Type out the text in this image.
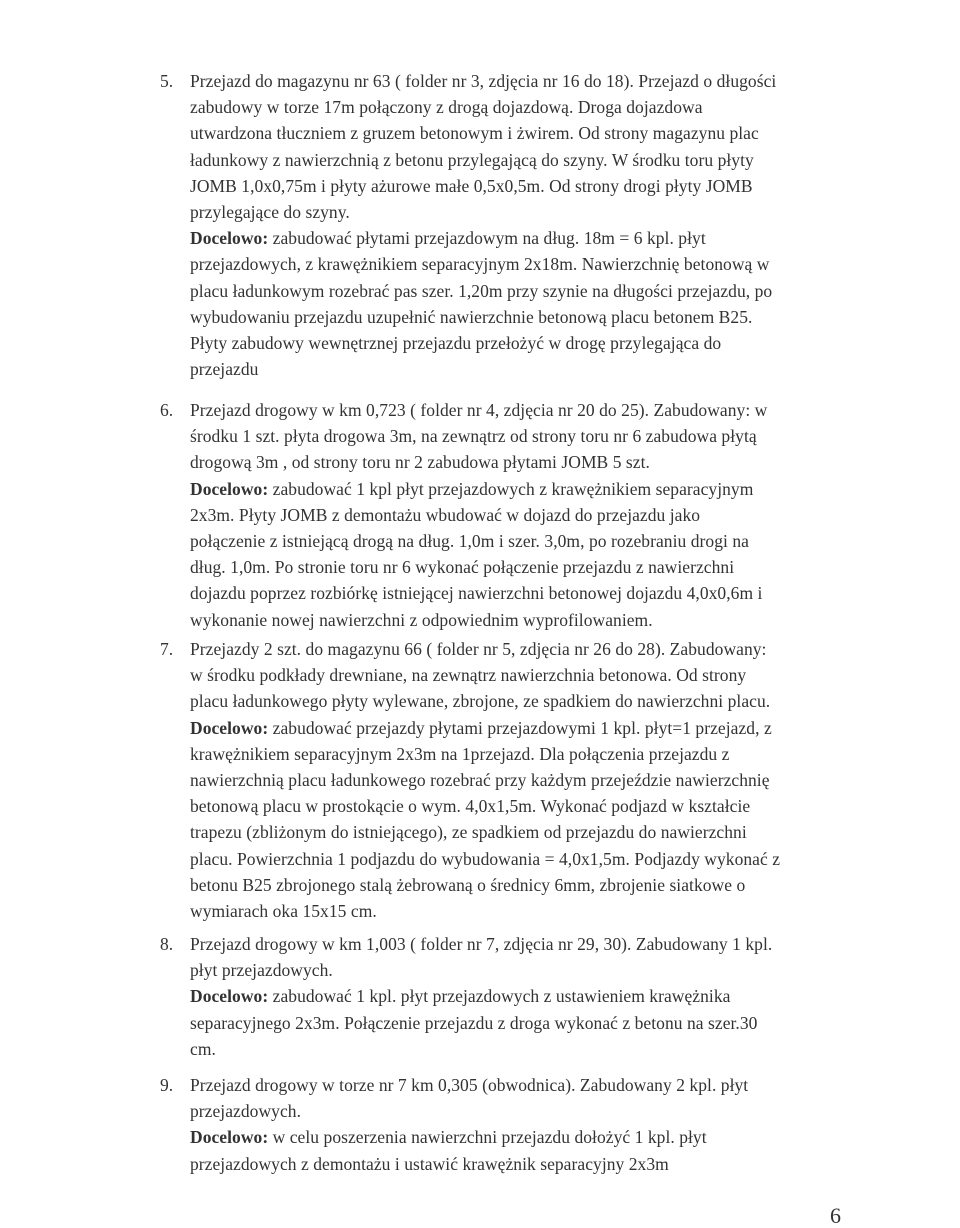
5. Przejazd do magazynu nr 63 ( folder nr 3, zdjęcia nr 16 do 18). Przejazd o długości
zabudowy w torze 17m połączony z drogą dojazdową. Droga dojazdowa
utwardzona tłuczniem z gruzem betonowym i żwirem. Od strony magazynu plac
ładunkowy z nawierzchnią z betonu przylegającą do szyny. W środku toru płyty
JOMB 1,0x0,75m i płyty ażurowe małe 0,5x0,5m. Od strony drogi płyty JOMB
przylegające do szyny.
Docelowo: zabudować płytami przejazdowym na dług. 18m = 6 kpl. płyt
przejazdowych, z krawężnikiem separacyjnym 2x18m. Nawierzchnię betonową w
placu ładunkowym rozebrać pas szer. 1,20m przy szynie na długości przejazdu, po
wybudowaniu przejazdu uzupełnić nawierzchnie betonową placu betonem B25.
Płyty zabudowy wewnętrznej przejazdu przełożyć w drogę przylegająca do
przejazdu
6. Przejazd drogowy w km 0,723 ( folder nr 4, zdjęcia nr 20 do 25). Zabudowany: w
środku 1 szt. płyta drogowa 3m, na zewnątrz od strony toru nr 6 zabudowa płytą
drogową 3m , od strony toru nr 2 zabudowa płytami JOMB 5 szt.
Docelowo: zabudować 1 kpl płyt przejazdowych z krawężnikiem separacyjnym
2x3m. Płyty JOMB z demontażu wbudować w dojazd do przejazdu jako
połączenie z istniejącą drogą na dług. 1,0m i szer. 3,0m, po rozebraniu drogi na
dług. 1,0m. Po stronie toru nr 6 wykonać połączenie przejazdu z nawierzchni
dojazdu poprzez rozbiórkę istniejącej nawierzchni betonowej dojazdu 4,0x0,6m i
wykonanie nowej nawierzchni z odpowiednim wyprofilowaniem.
7. Przejazdy 2 szt. do magazynu 66 ( folder nr 5, zdjęcia nr 26 do 28). Zabudowany:
w środku podkłady drewniane, na zewnątrz nawierzchnia betonowa. Od strony
placu ładunkowego płyty wylewane, zbrojone, ze spadkiem do nawierzchni placu.
Docelowo: zabudować przejazdy płytami przejazdowymi 1 kpl. płyt=1 przejazd, z
krawężnikiem separacyjnym 2x3m na 1przejazd. Dla połączenia przejazdu z
nawierzchnią placu ładunkowego rozebrać przy każdym przejeździe nawierzchnię
betonową placu w prostokącie o wym. 4,0x1,5m. Wykonać podjazd w kształcie
trapezu (zbliżonym do istniejącego), ze spadkiem od przejazdu do nawierzchni
placu. Powierzchnia 1 podjazdu do wybudowania = 4,0x1,5m. Podjazdy wykonać z
betonu B25 zbrojonego stalą żebrowaną o średnicy 6mm, zbrojenie siatkowe o
wymiarach oka 15x15 cm.
8. Przejazd drogowy w km 1,003 ( folder nr 7, zdjęcia nr 29, 30). Zabudowany 1 kpl.
płyt przejazdowych.
Docelowo: zabudować 1 kpl. płyt przejazdowych z ustawieniem krawężnika
separacyjnego 2x3m. Połączenie przejazdu z droga wykonać z betonu na szer.30
cm.
9. Przejazd drogowy w torze nr 7 km 0,305 (obwodnica). Zabudowany 2 kpl. płyt
przejazdowych.
Docelowo: w celu poszerzenia nawierzchni przejazdu dołożyć 1 kpl. płyt
przejazdowych z demontażu i ustawić krawężnik separacyjny 2x3m
6
